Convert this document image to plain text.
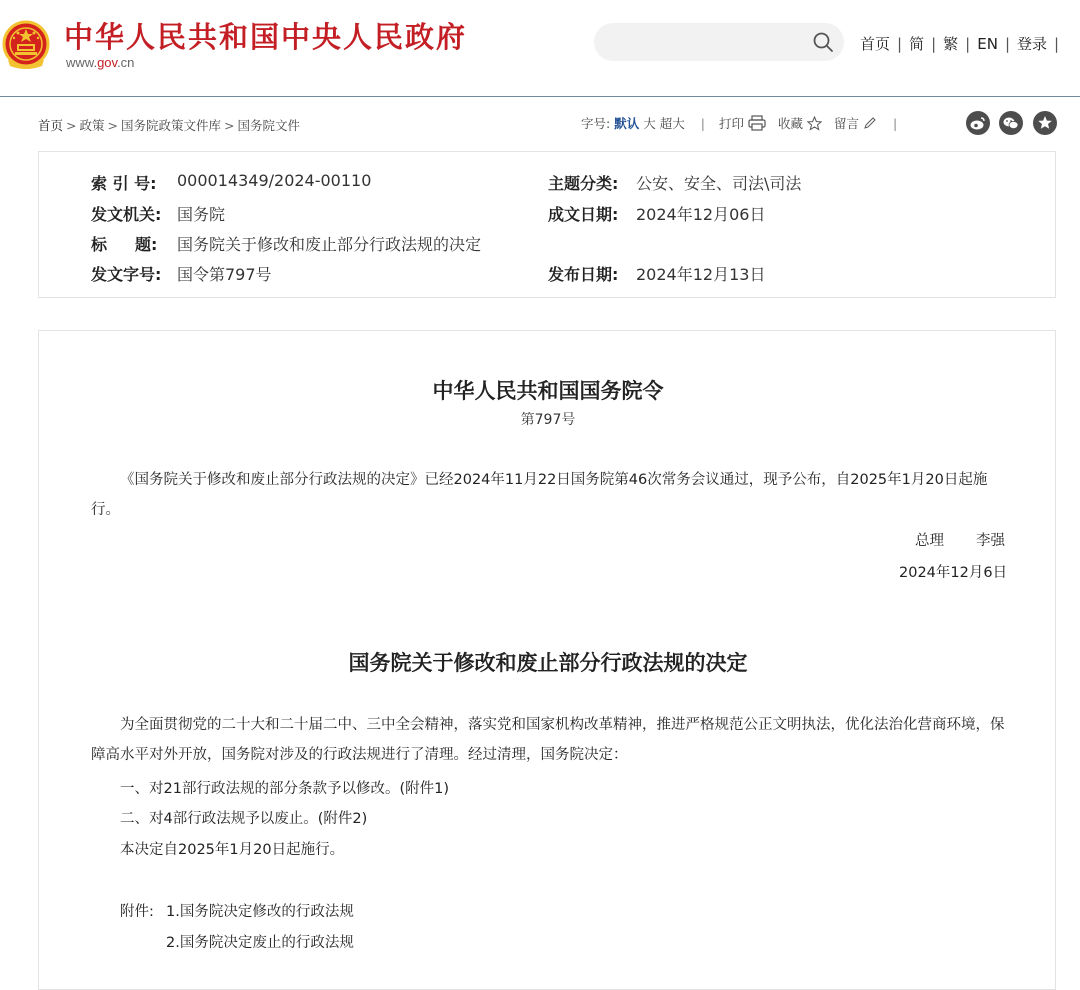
中华人民共和国中央人民政府
www.gov.cn
首页 | 简 | 繁 | EN | 登录 |
首页 > 政策 > 国务院政策文件库 > 国务院文件	字号: 默认 大 超大 | 打印	收藏 留言	|
索 引 号: 000014349/2024-00110	主题分类: 公安、安全、司法\司法
发文机关: 国务院	成文日期: 2024年12月06日
标 题: 国务院关于修改和废止部分行政法规的决定
发文字号: 国令第797号	发布日期: 2024年12月13日
中华人民共和国国务院令
第797号
《国务院关于修改和废止部分行政法规的决定》已经2024年11月22日国务院第46次常务会议通过，现予公布，自2025年1月20日起施行。
总理 李强
2024年12月6日
国务院关于修改和废止部分行政法规的决定
为全面贯彻党的二十大和二十届二中、三中全会精神，落实党和国家机构改革精神，推进严格规范公正文明执法，优化法治化营商环境，保障高水平对外开放，国务院对涉及的行政法规进行了清理。经过清理，国务院决定：
一、对21部行政法规的部分条款予以修改。(附件1)
二、对4部行政法规予以废止。(附件2)
本决定自2025年1月20日起施行。
附件: 1.国务院决定修改的行政法规
2.国务院决定废止的行政法规
